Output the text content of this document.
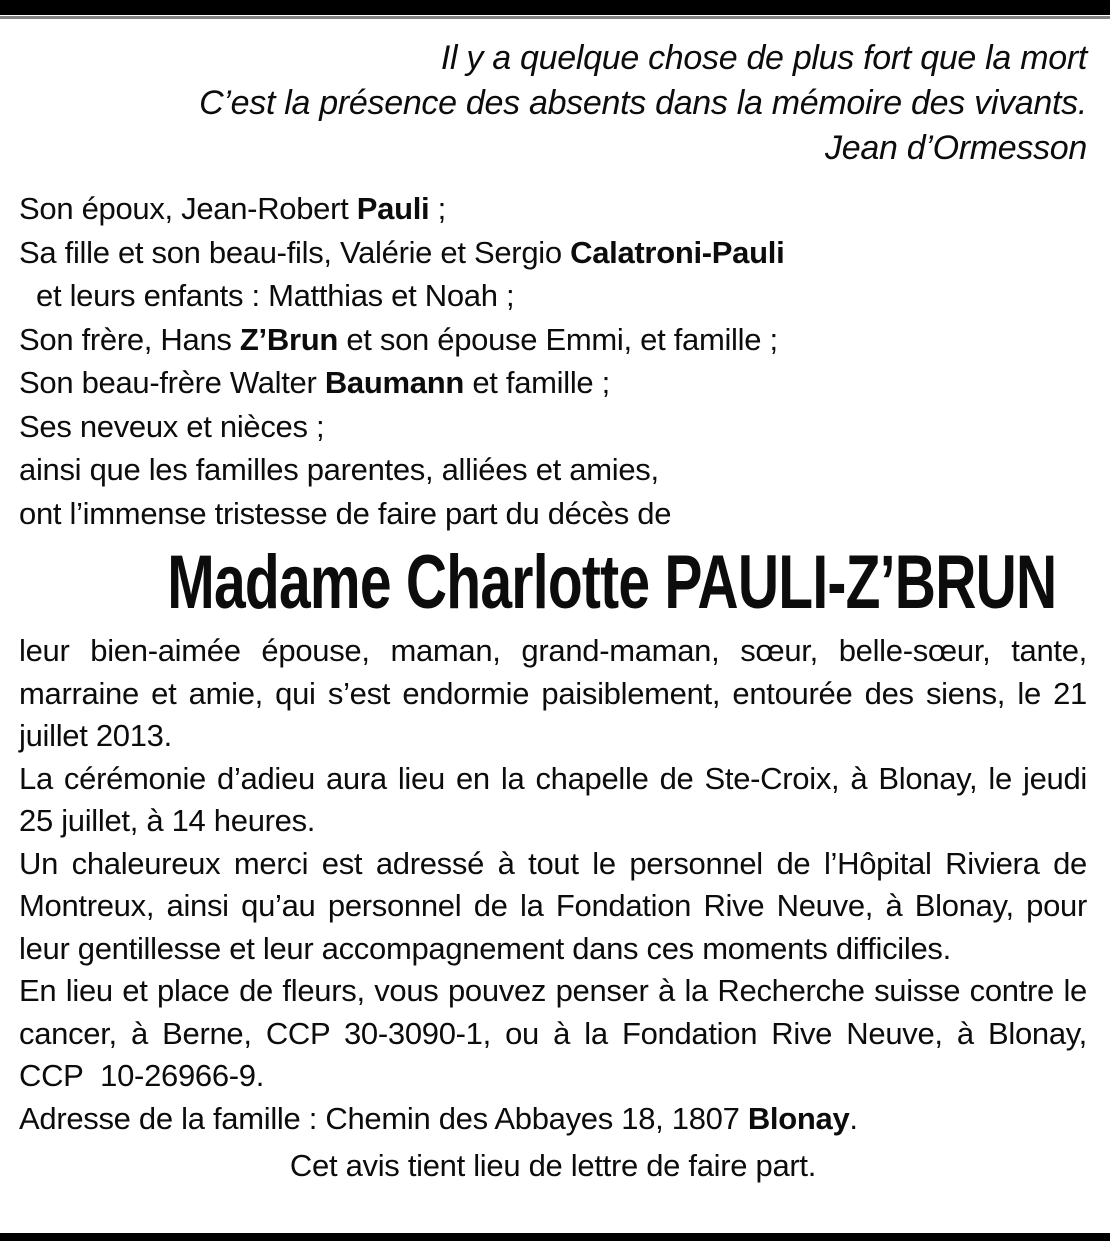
Il y a quelque chose de plus fort que la mort
C’est la présence des absents dans la mémoire des vivants.
Jean d’Ormesson
Son époux, Jean-Robert Pauli ;
Sa fille et son beau-fils, Valérie et Sergio Calatroni-Pauli
et leurs enfants : Matthias et Noah ;
Son frère, Hans Z’Brun et son épouse Emmi, et famille ;
Son beau-frère Walter Baumann et famille ;
Ses neveux et nièces ;
ainsi que les familles parentes, alliées et amies,
ont l’immense tristesse de faire part du décès de
Madame Charlotte PAULI-Z’BRUN

leur bien-aimée épouse, maman, grand-maman, sœur, belle-sœur, tante, marraine et amie, qui s’est endormie paisiblement, entourée des siens, le 21 juillet 2013.

La cérémonie d’adieu aura lieu en la chapelle de Ste-Croix, à Blonay, le jeudi 25 juillet, à 14 heures.

Un chaleureux merci est adressé à tout le personnel de l’Hôpital Riviera de Montreux, ainsi qu’au personnel de la Fondation Rive Neuve, à Blonay, pour leur gentillesse et leur accompagnement dans ces moments difficiles.

En lieu et place de fleurs, vous pouvez penser à la Recherche suisse contre le cancer, à Berne, CCP 30-3090-1, ou à la Fondation Rive Neuve, à Blonay, CCP  10-26966-9.

Adresse de la famille : Chemin des Abbayes 18, 1807 Blonay.

Cet avis tient lieu de lettre de faire part.
